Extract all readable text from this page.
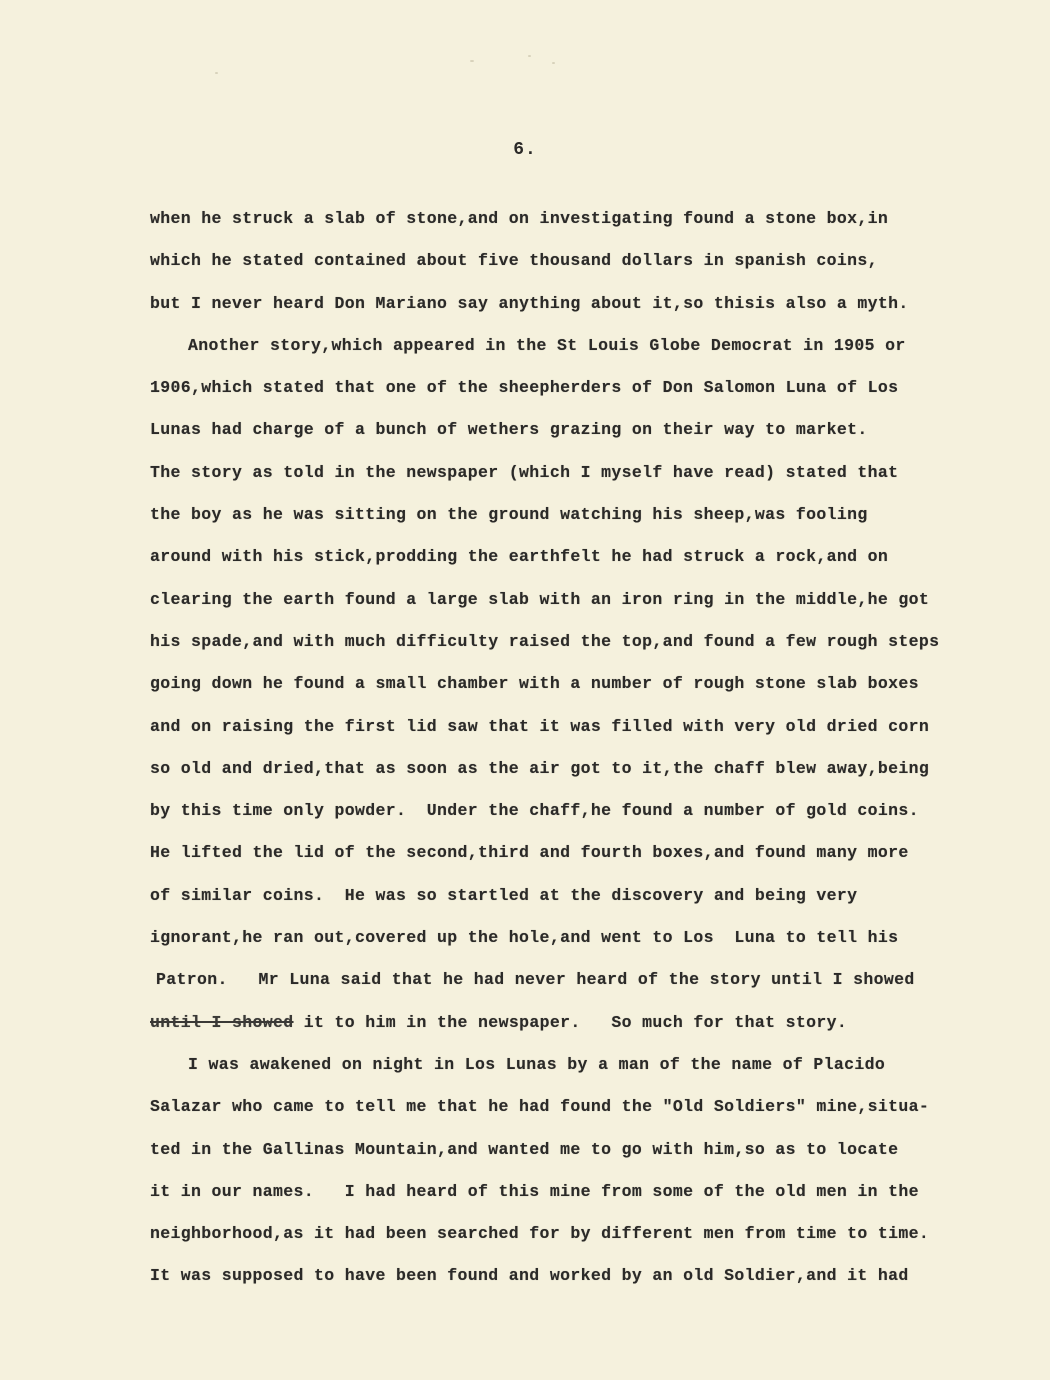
6.
when he struck a slab of stone,and on investigating found a stone box,in
which he stated contained about five thousand dollars in spanish coins,
but I never heard Don Mariano say anything about it,so thisis also a myth.
Another story,which appeared in the St Louis Globe Democrat in 1905 or
1906,which stated that one of the sheepherders of Don Salomon Luna of Los
Lunas had charge of a bunch of wethers grazing on their way to market.
The story as told in the newspaper (which I myself have read) stated that
the boy as he was sitting on the ground watching his sheep,was fooling
around with his stick,prodding the earthfelt he had struck a rock,and on
clearing the earth found a large slab with an iron ring in the middle,he got
his spade,and with much difficulty raised the top,and found a few rough steps
going down he found a small chamber with a number of rough stone slab boxes
and on raising the first lid saw that it was filled with very old dried corn
so old and dried,that as soon as the air got to it,the chaff blew away,being
by this time only powder.  Under the chaff,he found a number of gold coins.
He lifted the lid of the second,third and fourth boxes,and found many more
of similar coins.  He was so startled at the discovery and being very
ignorant,he ran out,covered up the hole,and went to Los  Luna to tell his
Patron.   Mr Luna said that he had never heard of the story until I showed
until I showed it to him in the newspaper.   So much for that story.
I was awakened on night in Los Lunas by a man of the name of Placido
Salazar who came to tell me that he had found the "Old Soldiers" mine,situa-
ted in the Gallinas Mountain,and wanted me to go with him,so as to locate
it in our names.   I had heard of this mine from some of the old men in the
neighborhood,as it had been searched for by different men from time to time.
It was supposed to have been found and worked by an old Soldier,and it had
